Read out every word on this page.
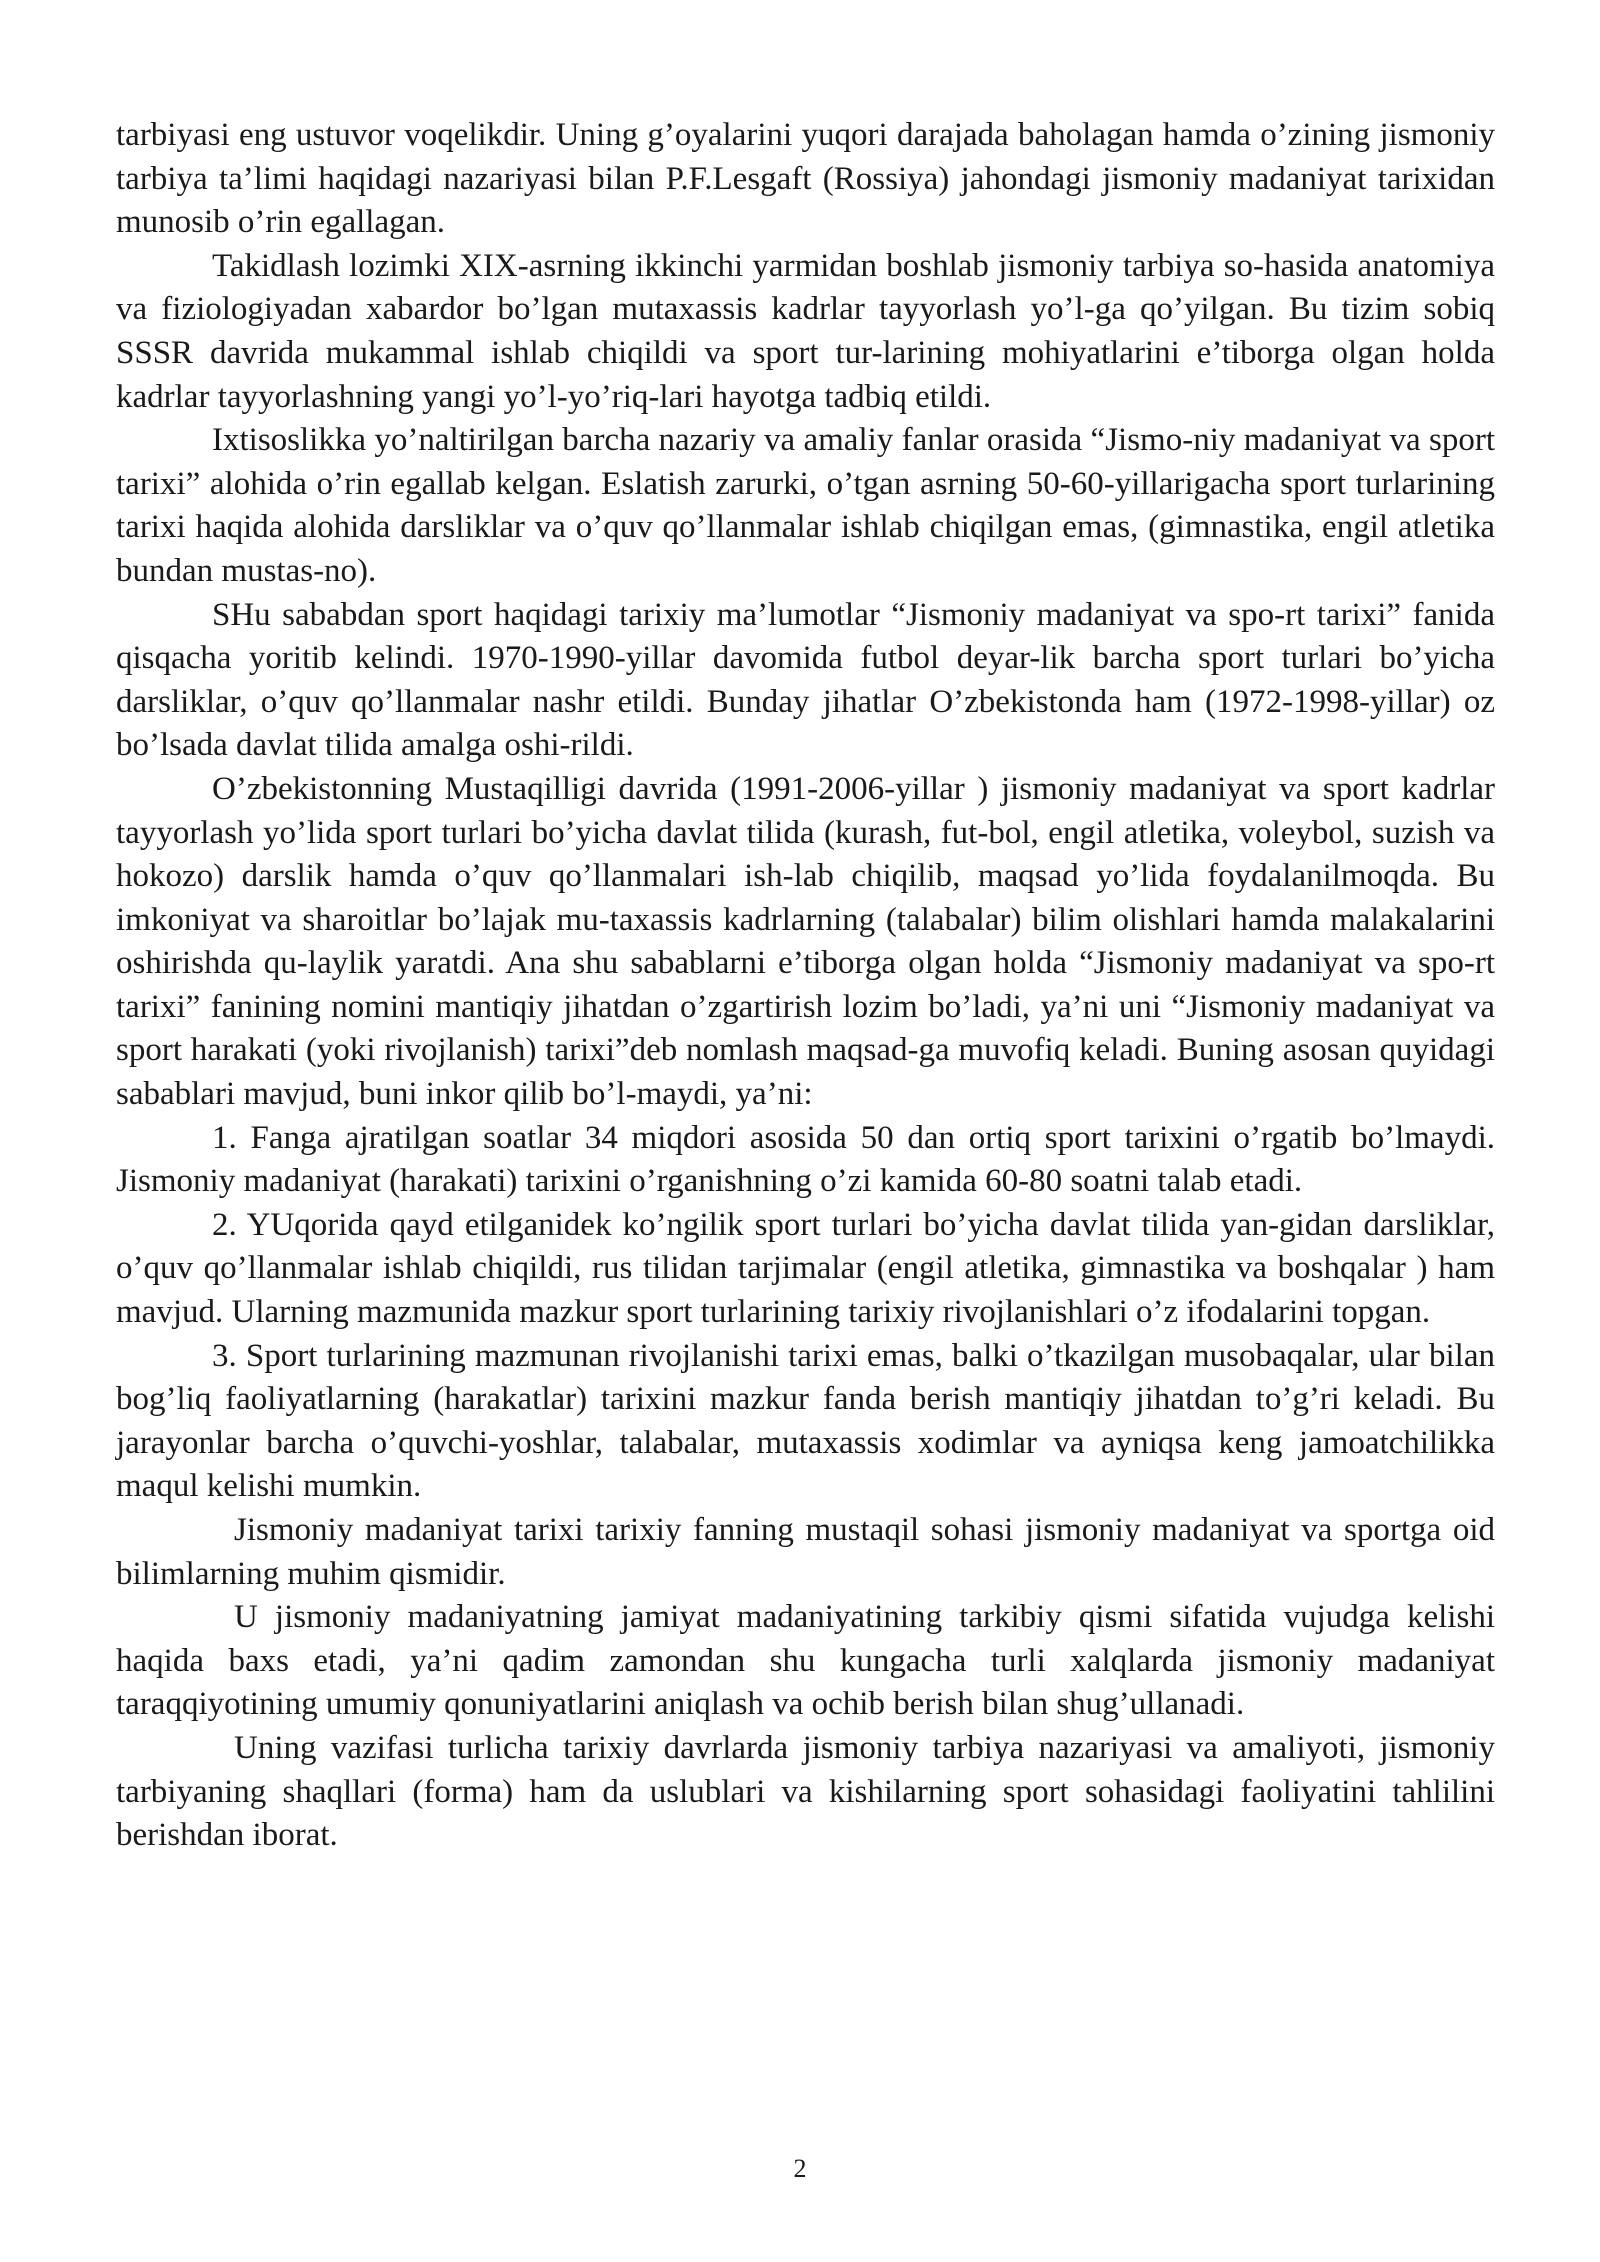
tarbiyasi eng ustuvor voqelikdir. Uning g’oyalarini yuqori darajada baholagan hamda o’zining jismoniy tarbiya ta’limi haqidagi nazariyasi bilan P.F.Lesgaft (Rossiya) jahondagi jismoniy madaniyat tarixidan munosib o’rin egallagan.

Takidlash lozimki XIX-asrning ikkinchi yarmidan boshlab jismoniy tarbiya so-hasida anatomiya va fiziologiyadan xabardor bo’lgan mutaxassis kadrlar tayyorlash yo’l-ga qo’yilgan. Bu tizim sobiq SSSR davrida mukammal ishlab chiqildi va sport tur-larining mohiyatlarini e’tiborga olgan holda kadrlar tayyorlashning yangi yo’l-yo’riq-lari hayotga tadbiq etildi.

Ixtisoslikka yo’naltirilgan barcha nazariy va amaliy fanlar orasida “Jismo-niy madaniyat va sport tarixi” alohida o’rin egallab kelgan. Eslatish zarurki, o’tgan asrning 50-60-yillarigacha sport turlarining tarixi haqida alohida darsliklar va o’quv qo’llanmalar ishlab chiqilgan emas, (gimnastika, engil atletika bundan mustas-no).

SHu sababdan sport haqidagi tarixiy ma’lumotlar “Jismoniy madaniyat va spo-rt tarixi” fanida qisqacha yoritib kelindi. 1970-1990-yillar davomida futbol deyar-lik barcha sport turlari bo’yicha darsliklar, o’quv qo’llanmalar nashr etildi. Bunday jihatlar O’zbekistonda ham (1972-1998-yillar) oz bo’lsada davlat tilida amalga oshi-rildi.

O’zbekistonning Mustaqilligi davrida (1991-2006-yillar ) jismoniy madaniyat va sport kadrlar tayyorlash yo’lida sport turlari bo’yicha davlat tilida (kurash, fut-bol, engil atletika, voleybol, suzish va hokozo) darslik hamda o’quv qo’llanmalari ish-lab chiqilib, maqsad yo’lida foydalanilmoqda. Bu imkoniyat va sharoitlar bo’lajak mu-taxassis kadrlarning (talabalar) bilim olishlari hamda malakalarini oshirishda qu-laylik yaratdi. Ana shu sabablarni e’tiborga olgan holda “Jismoniy madaniyat va spo-rt tarixi” fanining nomini mantiqiy jihatdan o’zgartirish lozim bo’ladi, ya’ni uni “Jismoniy madaniyat va sport harakati (yoki rivojlanish) tarixi”deb nomlash maqsad-ga muvofiq keladi. Buning asosan quyidagi sabablari mavjud, buni inkor qilib bo’l-maydi, ya’ni:

1. Fanga ajratilgan soatlar 34 miqdori asosida 50 dan ortiq sport tarixini o’rgatib bo’lmaydi. Jismoniy madaniyat (harakati) tarixini o’rganishning o’zi kamida 60-80 soatni talab etadi.

2. YUqorida qayd etilganidek ko’ngilik sport turlari bo’yicha davlat tilida yan-gidan darsliklar, o’quv qo’llanmalar ishlab chiqildi, rus tilidan tarjimalar (engil atletika, gimnastika va boshqalar ) ham mavjud. Ularning mazmunida mazkur sport turlarining tarixiy rivojlanishlari o’z ifodalarini topgan.

3. Sport turlarining mazmunan rivojlanishi tarixi emas, balki o’tkazilgan musobaqalar, ular bilan bog’liq faoliyatlarning (harakatlar) tarixini mazkur fanda berish mantiqiy jihatdan to’g’ri keladi. Bu jarayonlar barcha o’quvchi-yoshlar, talabalar, mutaxassis xodimlar va ayniqsa keng jamoatchilikka maqul kelishi mumkin.

Jismoniy madaniyat tarixi tarixiy fanning mustaqil sohasi jismoniy madaniyat va sportga oid bilimlarning muhim qismidir.

U jismoniy madaniyatning jamiyat madaniyatining tarkibiy qismi sifatida vujudga kelishi haqida baxs etadi, ya’ni qadim zamondan shu kungacha turli xalqlarda jismoniy madaniyat taraqqiyotining umumiy qonuniyatlarini aniqlash va ochib berish bilan shug’ullanadi.

Uning vazifasi turlicha tarixiy davrlarda jismoniy tarbiya nazariyasi va amaliyoti, jismoniy tarbiyaning shaqllari (forma) ham da uslublari va kishilarning sport sohasidagi faoliyatini tahlilini berishdan iborat.

2
